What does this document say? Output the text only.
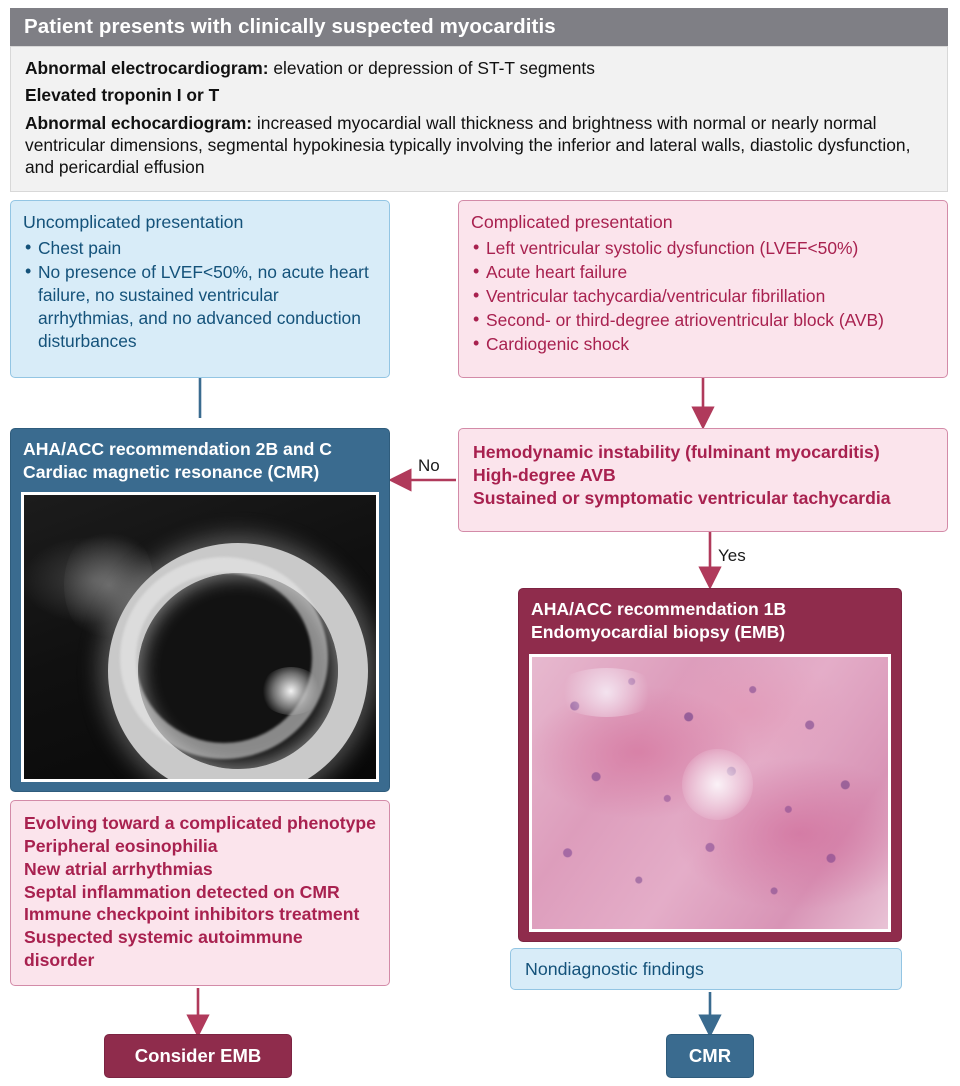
Patient presents with clinically suspected myocarditis

Abnormal electrocardiogram: elevation or depression of ST-T segments

Elevated troponin I or T

Abnormal echocardiogram: increased myocardial wall thickness and brightness with normal or nearly normal ventricular dimensions, segmental hypokinesia typically involving the inferior and lateral walls, diastolic dysfunction, and pericardial effusion

Uncomplicated presentation
• Chest pain
• No presence of LVEF<50%, no acute heart failure, no sustained ventricular arrhythmias, and no advanced conduction disturbances
Complicated presentation
• Left ventricular systolic dysfunction (LVEF<50%)
• Acute heart failure
• Ventricular tachycardia/ventricular fibrillation
• Second- or third-degree atrioventricular block (AVB)
• Cardiogenic shock
Hemodynamic instability (fulminant myocarditis)
High-degree AVB
Sustained or symptomatic ventricular tachycardia
No
Yes
AHA/ACC recommendation 2B and C
Cardiac magnetic resonance (CMR)
Evolving toward a complicated phenotype
Peripheral eosinophilia
New atrial arrhythmias
Septal inflammation detected on CMR
Immune checkpoint inhibitors treatment
Suspected systemic autoimmune disorder
AHA/ACC recommendation 1B
Endomyocardial biopsy (EMB)
Nondiagnostic findings
Consider EMB	CMR
